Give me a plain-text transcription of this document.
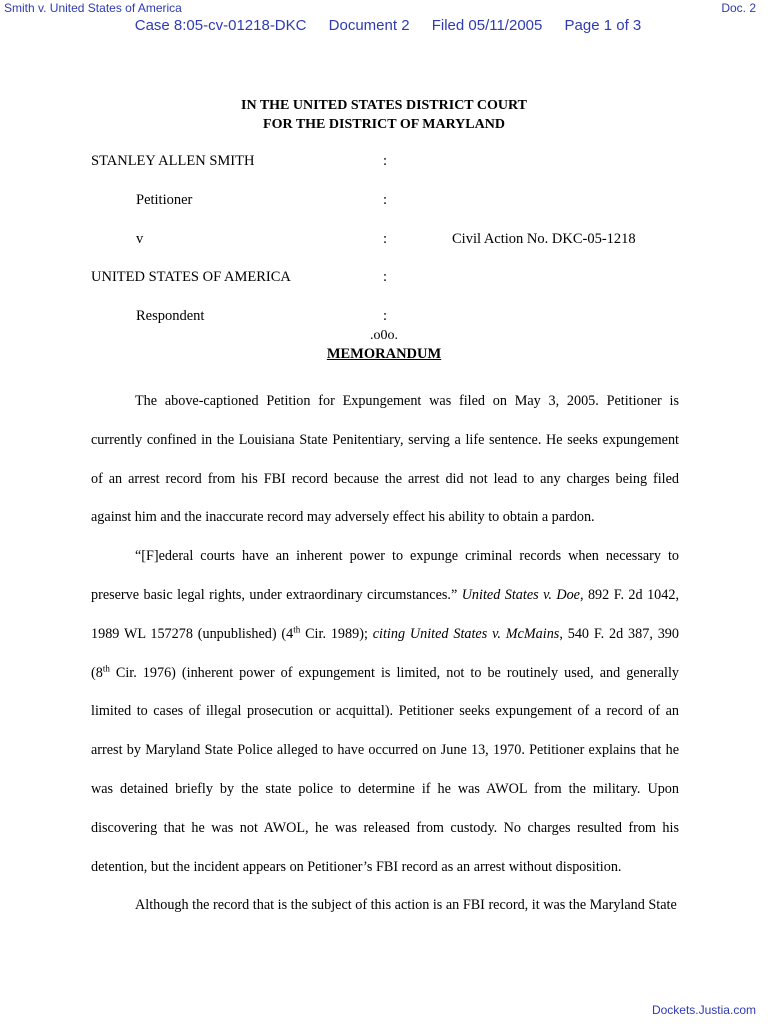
Smith v. United States of America	Doc. 2
Case 8:05-cv-01218-DKC Document 2 Filed 05/11/2005 Page 1 of 3
IN THE UNITED STATES DISTRICT COURT
FOR THE DISTRICT OF MARYLAND
STANLEY ALLEN SMITH	:
Petitioner	:
v	:	Civil Action No. DKC-05-1218
UNITED STATES OF AMERICA	:
Respondent	:
.o0o.
MEMORANDUM

The above-captioned Petition for Expungement was filed on May 3, 2005. Petitioner is currently confined in the Louisiana State Penitentiary, serving a life sentence. He seeks expungement of an arrest record from his FBI record because the arrest did not lead to any charges being filed against him and the inaccurate record may adversely effect his ability to obtain a pardon.

“[F]ederal courts have an inherent power to expunge criminal records when necessary to preserve basic legal rights, under extraordinary circumstances.” United States v. Doe, 892 F. 2d 1042, 1989 WL 157278 (unpublished) (4th Cir. 1989); citing United States v. McMains, 540 F. 2d 387, 390 (8th Cir. 1976) (inherent power of expungement is limited, not to be routinely used, and generally limited to cases of illegal prosecution or acquittal). Petitioner seeks expungement of a record of an arrest by Maryland State Police alleged to have occurred on June 13, 1970. Petitioner explains that he was detained briefly by the state police to determine if he was AWOL from the military. Upon discovering that he was not AWOL, he was released from custody. No charges resulted from his detention, but the incident appears on Petitioner’s FBI record as an arrest without disposition.

Although the record that is the subject of this action is an FBI record, it was the Maryland State

Dockets.Justia.com
